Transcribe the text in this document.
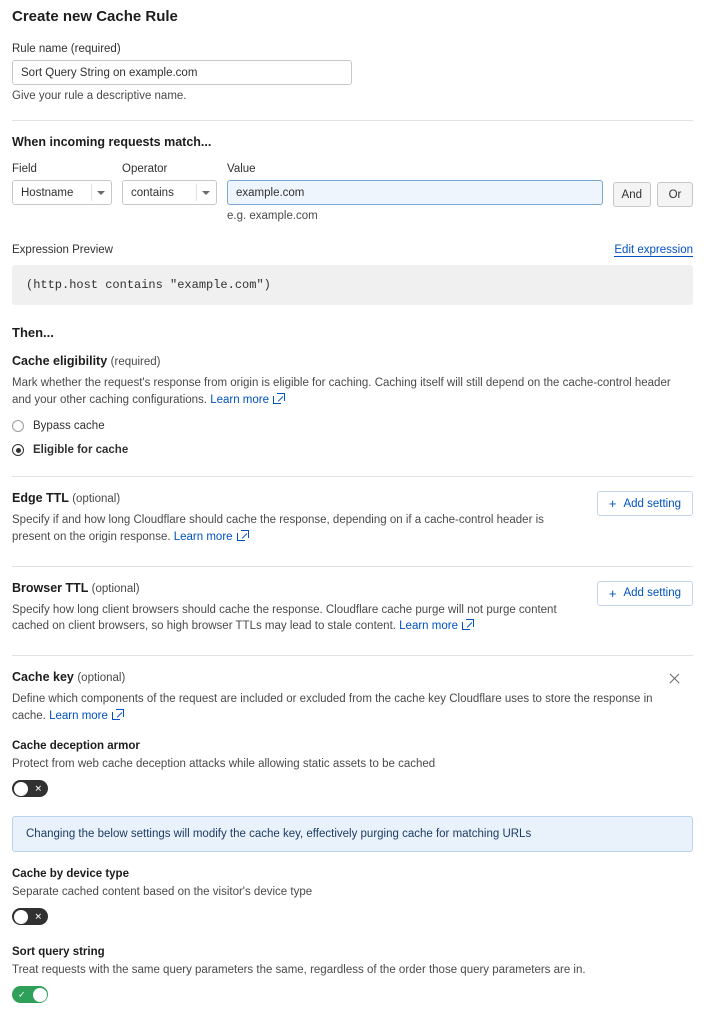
Create new Cache Rule
Rule name (required)
Sort Query String on example.com
Give your rule a descriptive name.
When incoming requests match...
Field
Hostname
Operator
contains
Value
example.com
e.g. example.com
And	Or
Expression Preview	Edit expression
(http.host contains "example.com")
Then...
Cache eligibility (required)
Mark whether the request's response from origin is eligible for caching. Caching itself will still depend on the cache-control header and your other caching configurations. Learn more
Bypass cache
Eligible for cache
Edge TTL (optional)
Specify if and how long Cloudflare should cache the response, depending on if a cache-control header is present on the origin response. Learn more
+ Add setting
Browser TTL (optional)
Specify how long client browsers should cache the response. Cloudflare cache purge will not purge content cached on client browsers, so high browser TTLs may lead to stale content. Learn more
+ Add setting
Cache key (optional)
Define which components of the request are included or excluded from the cache key Cloudflare uses to store the response in cache. Learn more
Cache deception armor
Protect from web cache deception attacks while allowing static assets to be cached
✕
Changing the below settings will modify the cache key, effectively purging cache for matching URLs
Cache by device type
Separate cached content based on the visitor's device type
✕
Sort query string
Treat requests with the same query parameters the same, regardless of the order those query parameters are in.
✓
